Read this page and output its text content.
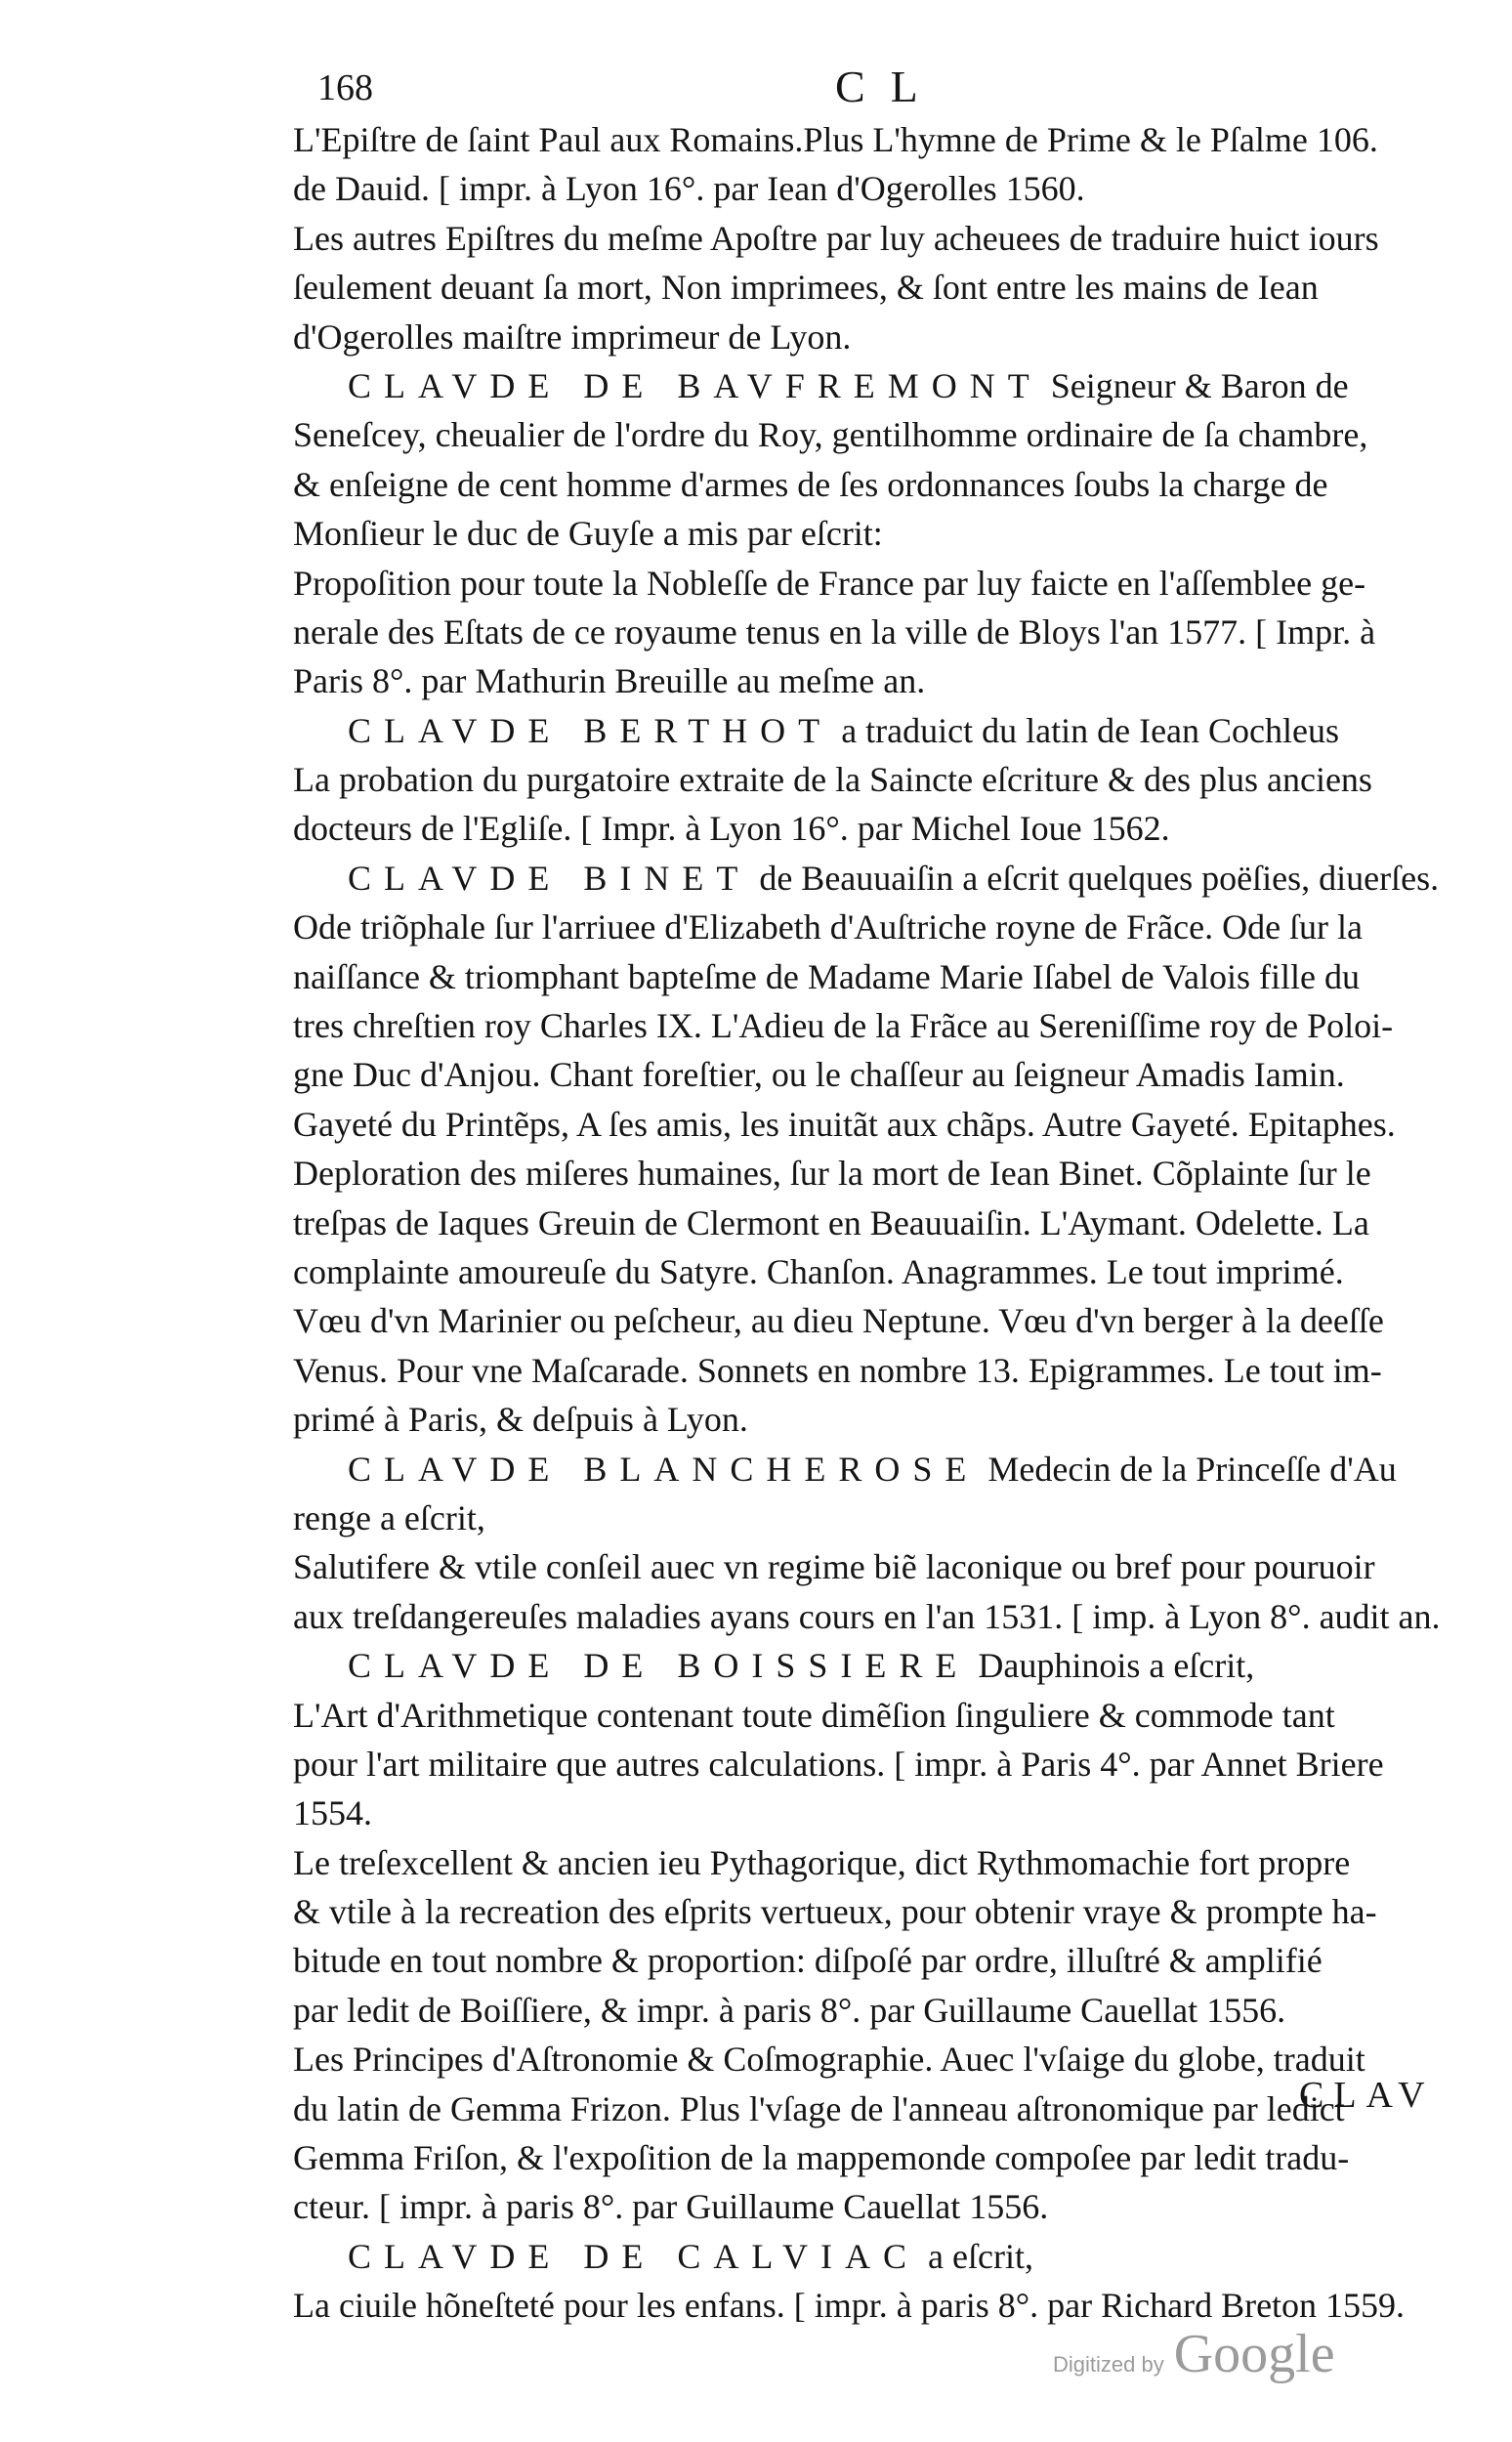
168	CL
L'Epiſtre de ſaint Paul aux Romains.Plus L'hymne de Prime & le Pſalme 106.
de Dauid. [ impr. à Lyon 16°. par Iean d'Ogerolles 1560.
Les autres Epiſtres du meſme Apoſtre par luy acheuees de traduire huict iours
ſeulement deuant ſa mort, Non imprimees, & ſont entre les mains de Iean
d'Ogerolles maiſtre imprimeur de Lyon.
CLAVDE DE BAVFREMONT Seigneur & Baron de
Seneſcey, cheualier de l'ordre du Roy, gentilhomme ordinaire de ſa chambre,
& enſeigne de cent homme d'armes de ſes ordonnances ſoubs la charge de
Monſieur le duc de Guyſe a mis par eſcrit:
Propoſition pour toute la Nobleſſe de France par luy faicte en l'aſſemblee ge-
nerale des Eſtats de ce royaume tenus en la ville de Bloys l'an 1577. [ Impr. à
Paris 8°. par Mathurin Breuille au meſme an.
CLAVDE BERTHOT a traduict du latin de Iean Cochleus
La probation du purgatoire extraite de la Saincte eſcriture & des plus anciens
docteurs de l'Egliſe. [ Impr. à Lyon 16°. par Michel Ioue 1562.
CLAVDE BINET de Beauuaiſin a eſcrit quelques poëſies, diuerſes.
Ode triõphale ſur l'arriuee d'Elizabeth d'Auſtriche royne de Frãce. Ode ſur la
naiſſance & triomphant bapteſme de Madame Marie Iſabel de Valois fille du
tres chreſtien roy Charles IX. L'Adieu de la Frãce au Sereniſſime roy de Poloi-
gne Duc d'Anjou. Chant foreſtier, ou le chaſſeur au ſeigneur Amadis Iamin.
Gayeté du Printẽps, A ſes amis, les inuitãt aux chãps. Autre Gayeté. Epitaphes.
Deploration des miſeres humaines, ſur la mort de Iean Binet. Cõplainte ſur le
treſpas de Iaques Greuin de Clermont en Beauuaiſin. L'Aymant. Odelette. La
complainte amoureuſe du Satyre. Chanſon. Anagrammes. Le tout imprimé.
Vœu d'vn Marinier ou peſcheur, au dieu Neptune. Vœu d'vn berger à la deeſſe
Venus. Pour vne Maſcarade. Sonnets en nombre 13. Epigrammes. Le tout im-
primé à Paris, & deſpuis à Lyon.
CLAVDE BLANCHEROSE Medecin de la Princeſſe d'Au
renge a eſcrit,
Salutifere & vtile conſeil auec vn regime biẽ laconique ou bref pour pouruoir
aux treſdangereuſes maladies ayans cours en l'an 1531. [ imp. à Lyon 8°. audit an.
CLAVDE DE BOISSIERE Dauphinois a eſcrit,
L'Art d'Arithmetique contenant toute dimẽſion ſinguliere & commode tant
pour l'art militaire que autres calculations. [ impr. à Paris 4°. par Annet Briere
1554.
Le treſexcellent & ancien ieu Pythagorique, dict Rythmomachie fort propre
& vtile à la recreation des eſprits vertueux, pour obtenir vraye & prompte ha-
bitude en tout nombre & proportion: diſpoſé par ordre, illuſtré & amplifié
par ledit de Boiſſiere, & impr. à paris 8°. par Guillaume Cauellat 1556.
Les Principes d'Aſtronomie & Coſmographie. Auec l'vſaige du globe, traduit
du latin de Gemma Frizon. Plus l'vſage de l'anneau aſtronomique par ledict
Gemma Friſon, & l'expoſition de la mappemonde compoſee par ledit tradu-
cteur. [ impr. à paris 8°. par Guillaume Cauellat 1556.
CLAVDE DE CALVIAC a eſcrit,
La ciuile hõneſteté pour les enfans. [ impr. à paris 8°. par Richard Breton 1559.
CLAV
Digitized by Google
